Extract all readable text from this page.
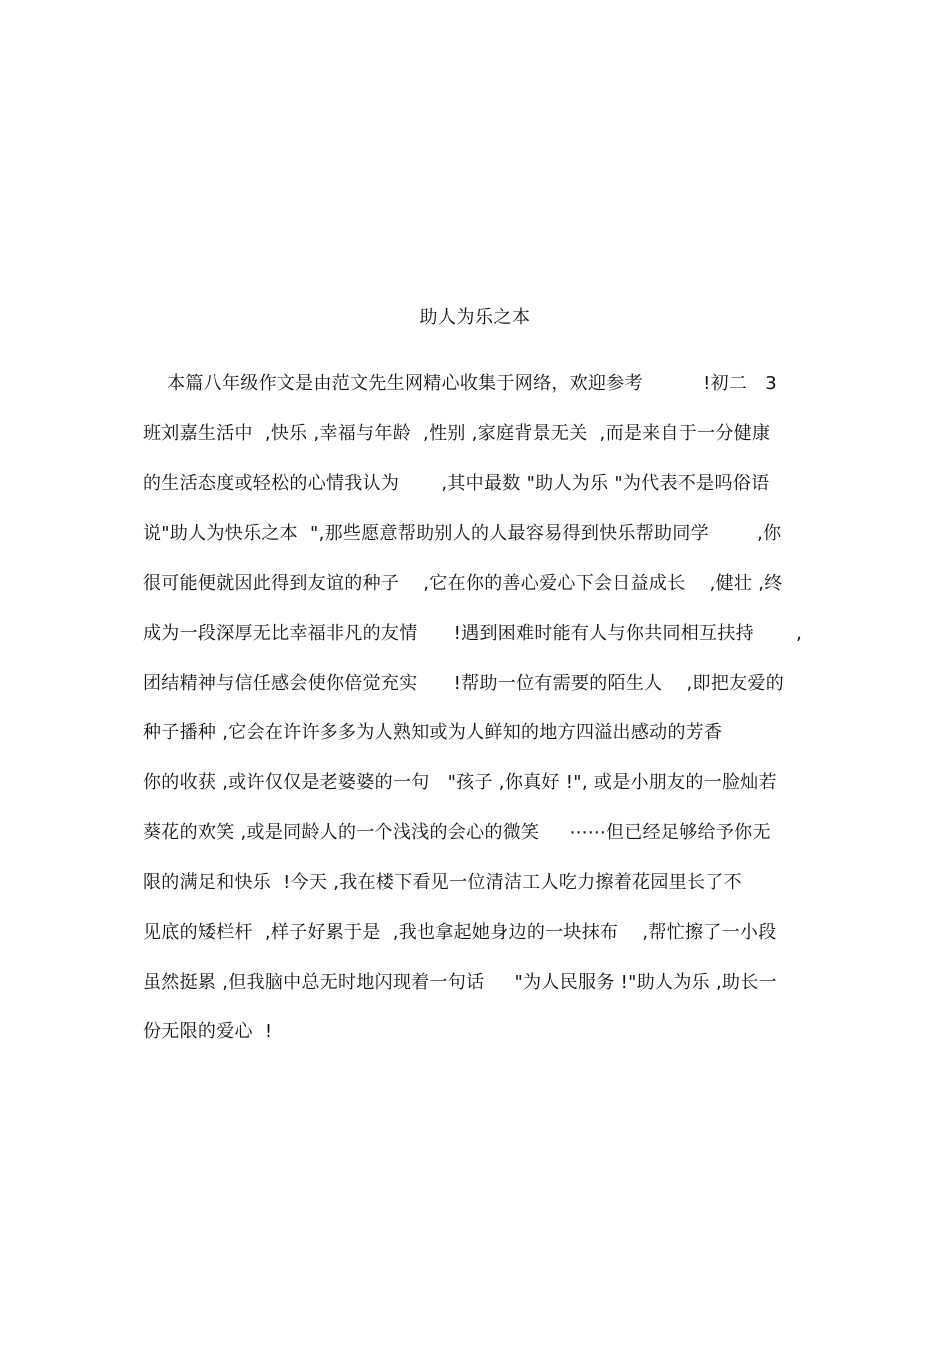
助人为乐之本
本篇八年级作文是由范文先生网精心收集于网络，欢迎参考          !初二   3
班刘嘉生活中  ,快乐 ,幸福与年龄  ,性别 ,家庭背景无关  ,而是来自于一分健康
的生活态度或轻松的心情我认为       ,其中最数 "助人为乐 "为代表不是吗俗语
说"助人为快乐之本  ",那些愿意帮助别人的人最容易得到快乐帮助同学        ,你
很可能便就因此得到友谊的种子    ,它在你的善心爱心下会日益成长    ,健壮 ,终
成为一段深厚无比幸福非凡的友情      !遇到困难时能有人与你共同相互扶持       ,
团结精神与信任感会使你倍觉充实      !帮助一位有需要的陌生人    ,即把友爱的
种子播种 ,它会在许许多多为人熟知或为人鲜知的地方四溢出感动的芳香
你的收获 ,或许仅仅是老婆婆的一句   "孩子 ,你真好 !", 或是小朋友的一脸灿若
葵花的欢笑 ,或是同龄人的一个浅浅的会心的微笑     ⋯⋯但已经足够给予你无
限的满足和快乐  !今天 ,我在楼下看见一位清洁工人吃力擦着花园里长了不
见底的矮栏杆  ,样子好累于是  ,我也拿起她身边的一块抹布    ,帮忙擦了一小段
虽然挺累 ,但我脑中总无时地闪现着一句话     "为人民服务 !"助人为乐 ,助长一
份无限的爱心  !
